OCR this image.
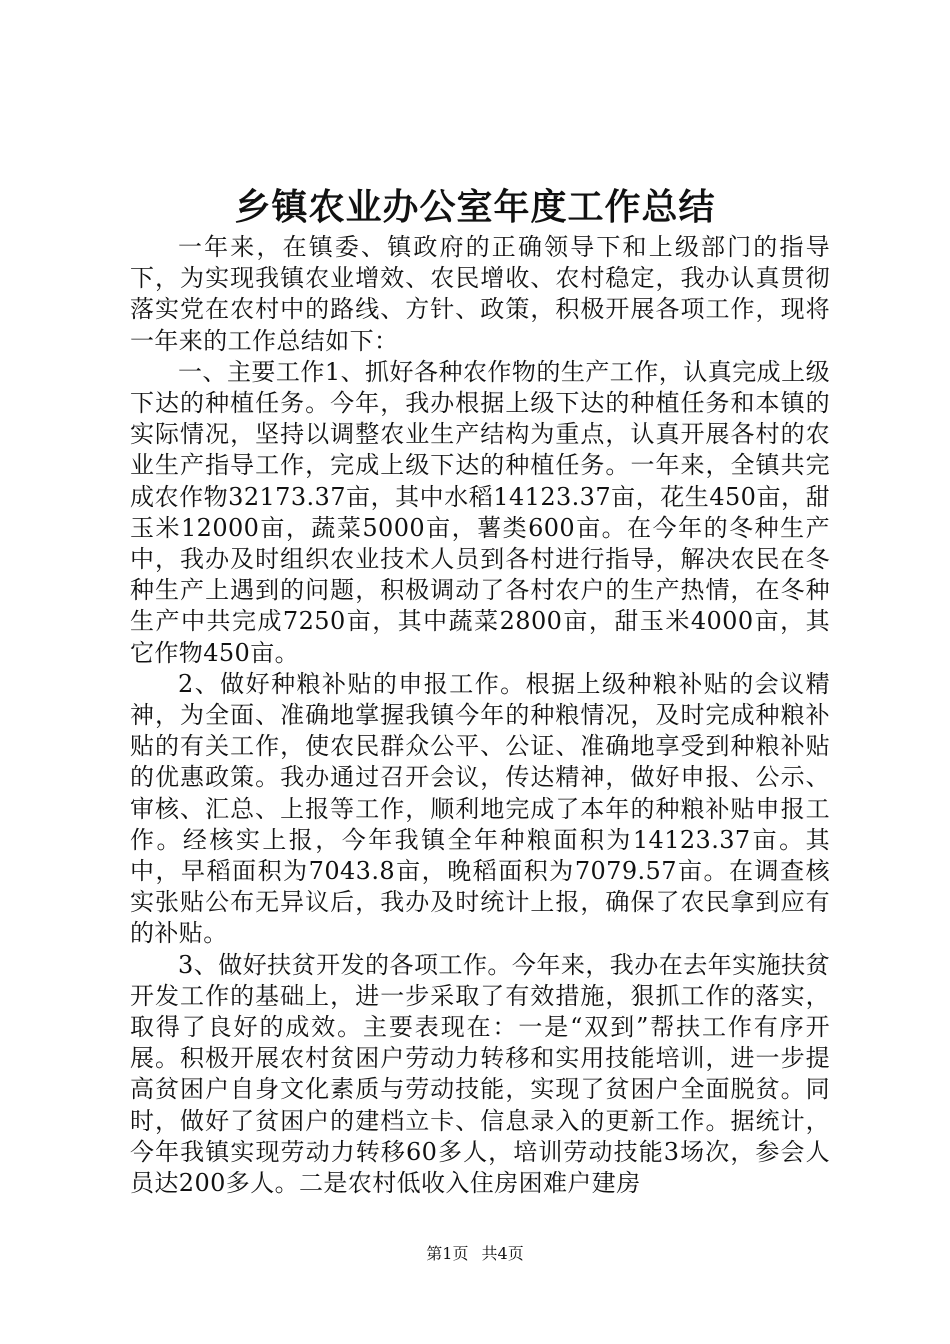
乡镇农业办公室年度工作总结

一年来，在镇委、镇政府的正确领导下和上级部门的指导下，为实现我镇农业增效、农民增收、农村稳定，我办认真贯彻落实党在农村中的路线、方针、政策，积极开展各项工作，现将一年来的工作总结如下：

一、主要工作1、抓好各种农作物的生产工作，认真完成上级下达的种植任务。今年，我办根据上级下达的种植任务和本镇的实际情况，坚持以调整农业生产结构为重点，认真开展各村的农业生产指导工作，完成上级下达的种植任务。一年来，全镇共完成农作物32173.37亩，其中水稻14123.37亩，花生450亩，甜玉米12000亩，蔬菜5000亩，薯类600亩。在今年的冬种生产中，我办及时组织农业技术人员到各村进行指导，解决农民在冬种生产上遇到的问题，积极调动了各村农户的生产热情，在冬种生产中共完成7250亩，其中蔬菜2800亩，甜玉米4000亩，其它作物450亩。

2、做好种粮补贴的申报工作。根据上级种粮补贴的会议精神，为全面、准确地掌握我镇今年的种粮情况，及时完成种粮补贴的有关工作，使农民群众公平、公证、准确地享受到种粮补贴的优惠政策。我办通过召开会议，传达精神，做好申报、公示、审核、汇总、上报等工作，顺利地完成了本年的种粮补贴申报工作。经核实上报，今年我镇全年种粮面积为14123.37亩。其中，早稻面积为7043.8亩，晚稻面积为7079.57亩。在调查核实张贴公布无异议后，我办及时统计上报，确保了农民拿到应有的补贴。

3、做好扶贫开发的各项工作。今年来，我办在去年实施扶贫开发工作的基础上，进一步采取了有效措施，狠抓工作的落实，取得了良好的成效。主要表现在：一是“双到”帮扶工作有序开展。积极开展农村贫困户劳动力转移和实用技能培训，进一步提高贫困户自身文化素质与劳动技能，实现了贫困户全面脱贫。同时，做好了贫困户的建档立卡、信息录入的更新工作。据统计，今年我镇实现劳动力转移60多人，培训劳动技能3场次，参会人员达200多人。二是农村低收入住房困难户建房

第1页 共4页
